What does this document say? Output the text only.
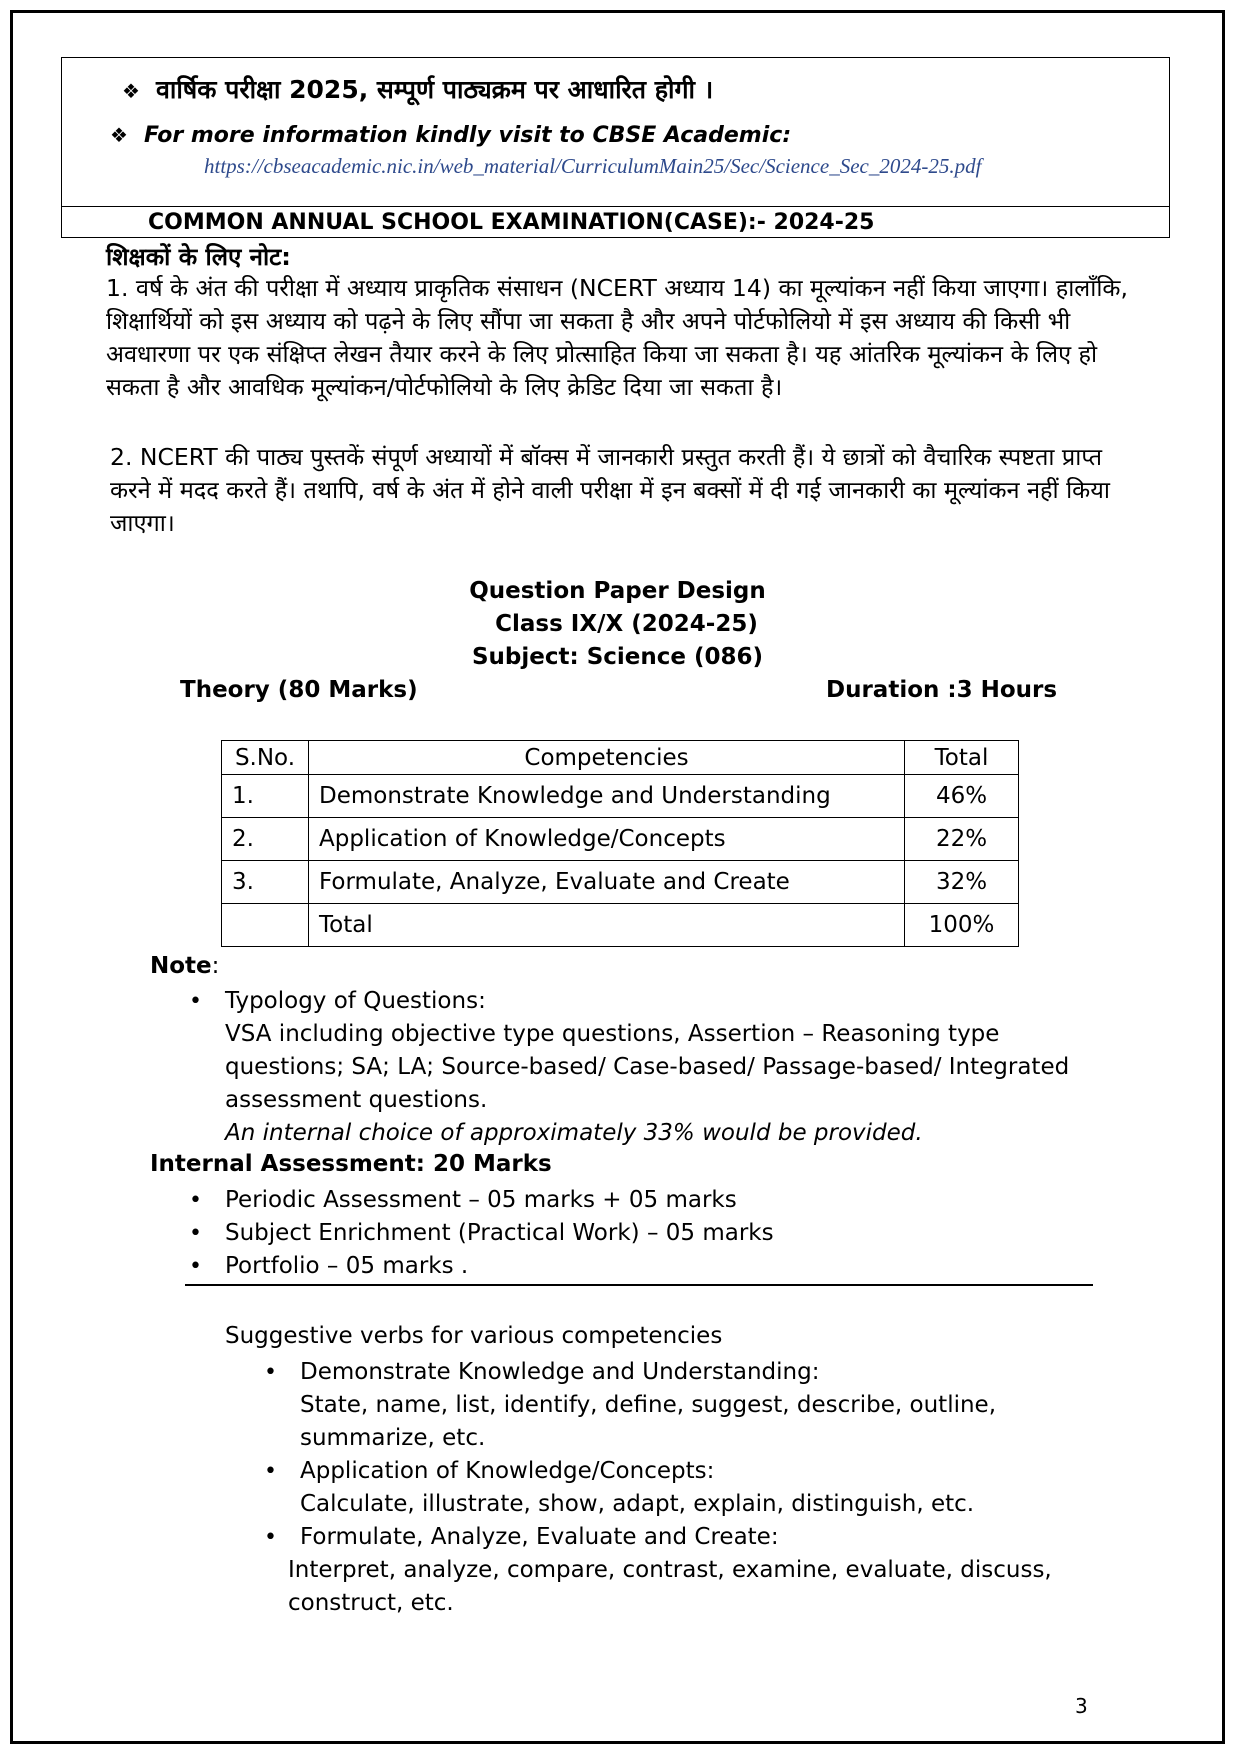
❖ वार्षिक परीक्षा 2025, सम्पूर्ण पाठ्यक्रम पर आधारित होगी ।
❖ For more information kindly visit to CBSE Academic:
https://cbseacademic.nic.in/web_material/CurriculumMain25/Sec/Science_Sec_2024-25.pdf
COMMON ANNUAL SCHOOL EXAMINATION(CASE):- 2024-25
शिक्षकों के लिए नोट:
1. वर्ष के अंत की परीक्षा में अध्याय प्राकृतिक संसाधन (NCERT अध्याय 14) का मूल्यांकन नहीं किया जाएगा। हालाँकि, शिक्षार्थियों को इस अध्याय को पढ़ने के लिए सौंपा जा सकता है और अपने पोर्टफोलियो में इस अध्याय की किसी भी अवधारणा पर एक संक्षिप्त लेखन तैयार करने के लिए प्रोत्साहित किया जा सकता है। यह आंतरिक मूल्यांकन के लिए हो सकता है और आवधिक मूल्यांकन/पोर्टफोलियो के लिए क्रेडिट दिया जा सकता है।
2. NCERT की पाठ्य पुस्तकें संपूर्ण अध्यायों में बॉक्स में जानकारी प्रस्तुत करती हैं। ये छात्रों को वैचारिक स्पष्टता प्राप्त करने में मदद करते हैं। तथापि, वर्ष के अंत में होने वाली परीक्षा में इन बक्सों में दी गई जानकारी का मूल्यांकन नहीं किया जाएगा।
Question Paper Design
Class IX/X (2024-25)
Subject: Science (086)
Theory (80 Marks)	Duration :3 Hours
S.No.	Competencies	Total
1.	Demonstrate Knowledge and Understanding	46%
2.	Application of Knowledge/Concepts	22%
3.	Formulate, Analyze, Evaluate and Create	32%
	Total	100%
Note:
• Typology of Questions:
VSA including objective type questions, Assertion – Reasoning type questions; SA; LA; Source-based/ Case-based/ Passage-based/ Integrated assessment questions.
An internal choice of approximately 33% would be provided.
Internal Assessment: 20 Marks
• Periodic Assessment – 05 marks + 05 marks
• Subject Enrichment (Practical Work) – 05 marks
• Portfolio – 05 marks .
Suggestive verbs for various competencies
• Demonstrate Knowledge and Understanding:
State, name, list, identify, define, suggest, describe, outline, summarize, etc.
• Application of Knowledge/Concepts:
Calculate, illustrate, show, adapt, explain, distinguish, etc.
• Formulate, Analyze, Evaluate and Create:
Interpret, analyze, compare, contrast, examine, evaluate, discuss, construct, etc.
3
